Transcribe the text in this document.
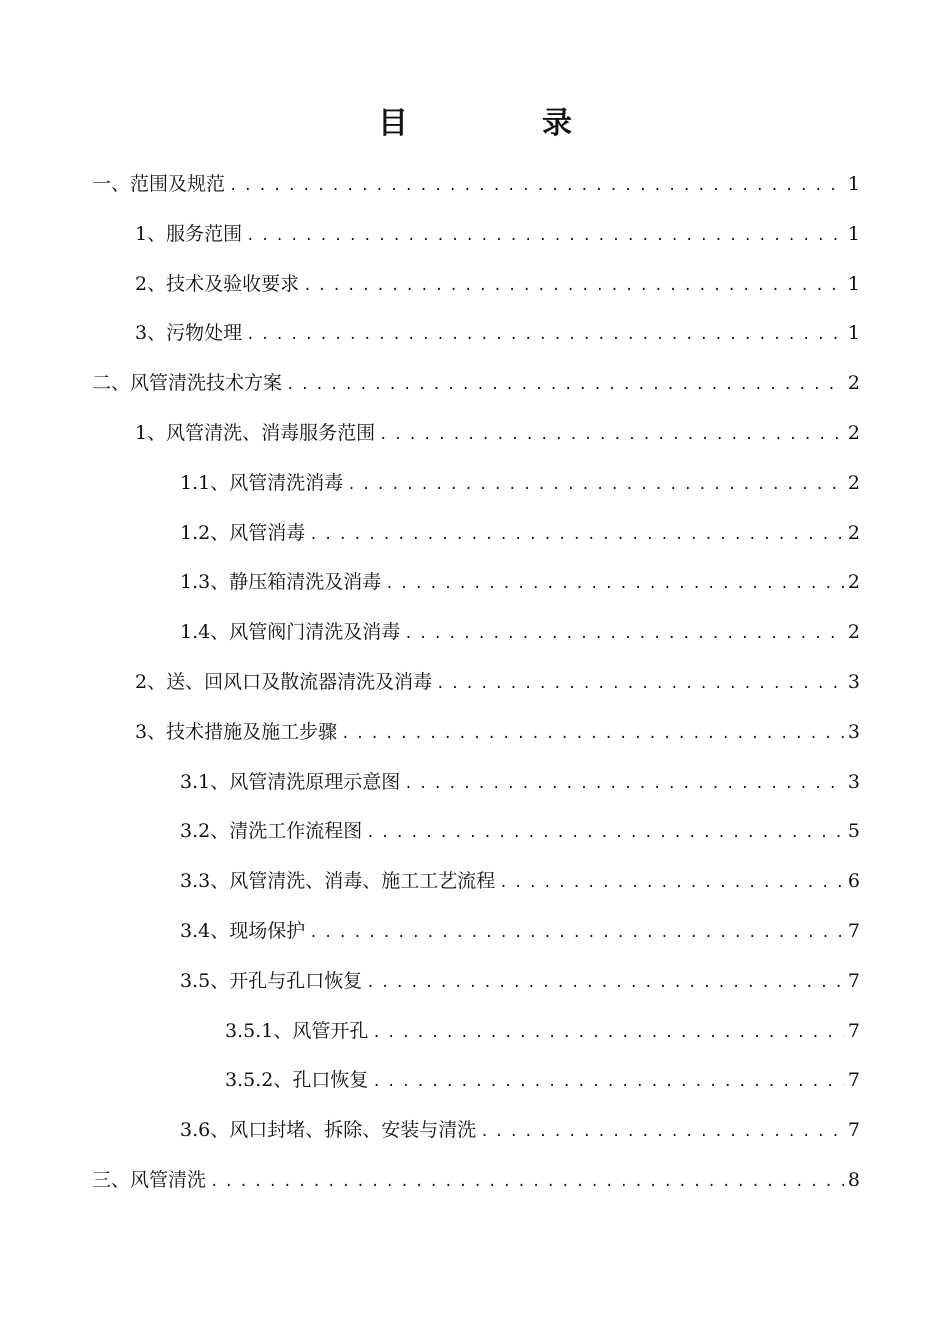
目　录
一、范围及规范 .....	1
1、服务范围 .....	1
2、技术及验收要求 .....	1
3、污物处理 .....	1
二、风管清洗技术方案 .....	2
1、风管清洗、消毒服务范围 .....	2
1.1、风管清洗消毒 .....	2
1.2、风管消毒 .....	2
1.3、静压箱清洗及消毒 .....	2
1.4、风管阀门清洗及消毒 .....	2
2、送、回风口及散流器清洗及消毒 .....	3
3、技术措施及施工步骤 .....	3
3.1、风管清洗原理示意图 .....	3
3.2、清洗工作流程图 .....	5
3.3、风管清洗、消毒、施工工艺流程 .....	6
3.4、现场保护 .....	7
3.5、开孔与孔口恢复 .....	7
3.5.1、风管开孔 .....	7
3.5.2、孔口恢复 .....	7
3.6、风口封堵、拆除、安装与清洗 .....	7
三、风管清洗 .....	8
